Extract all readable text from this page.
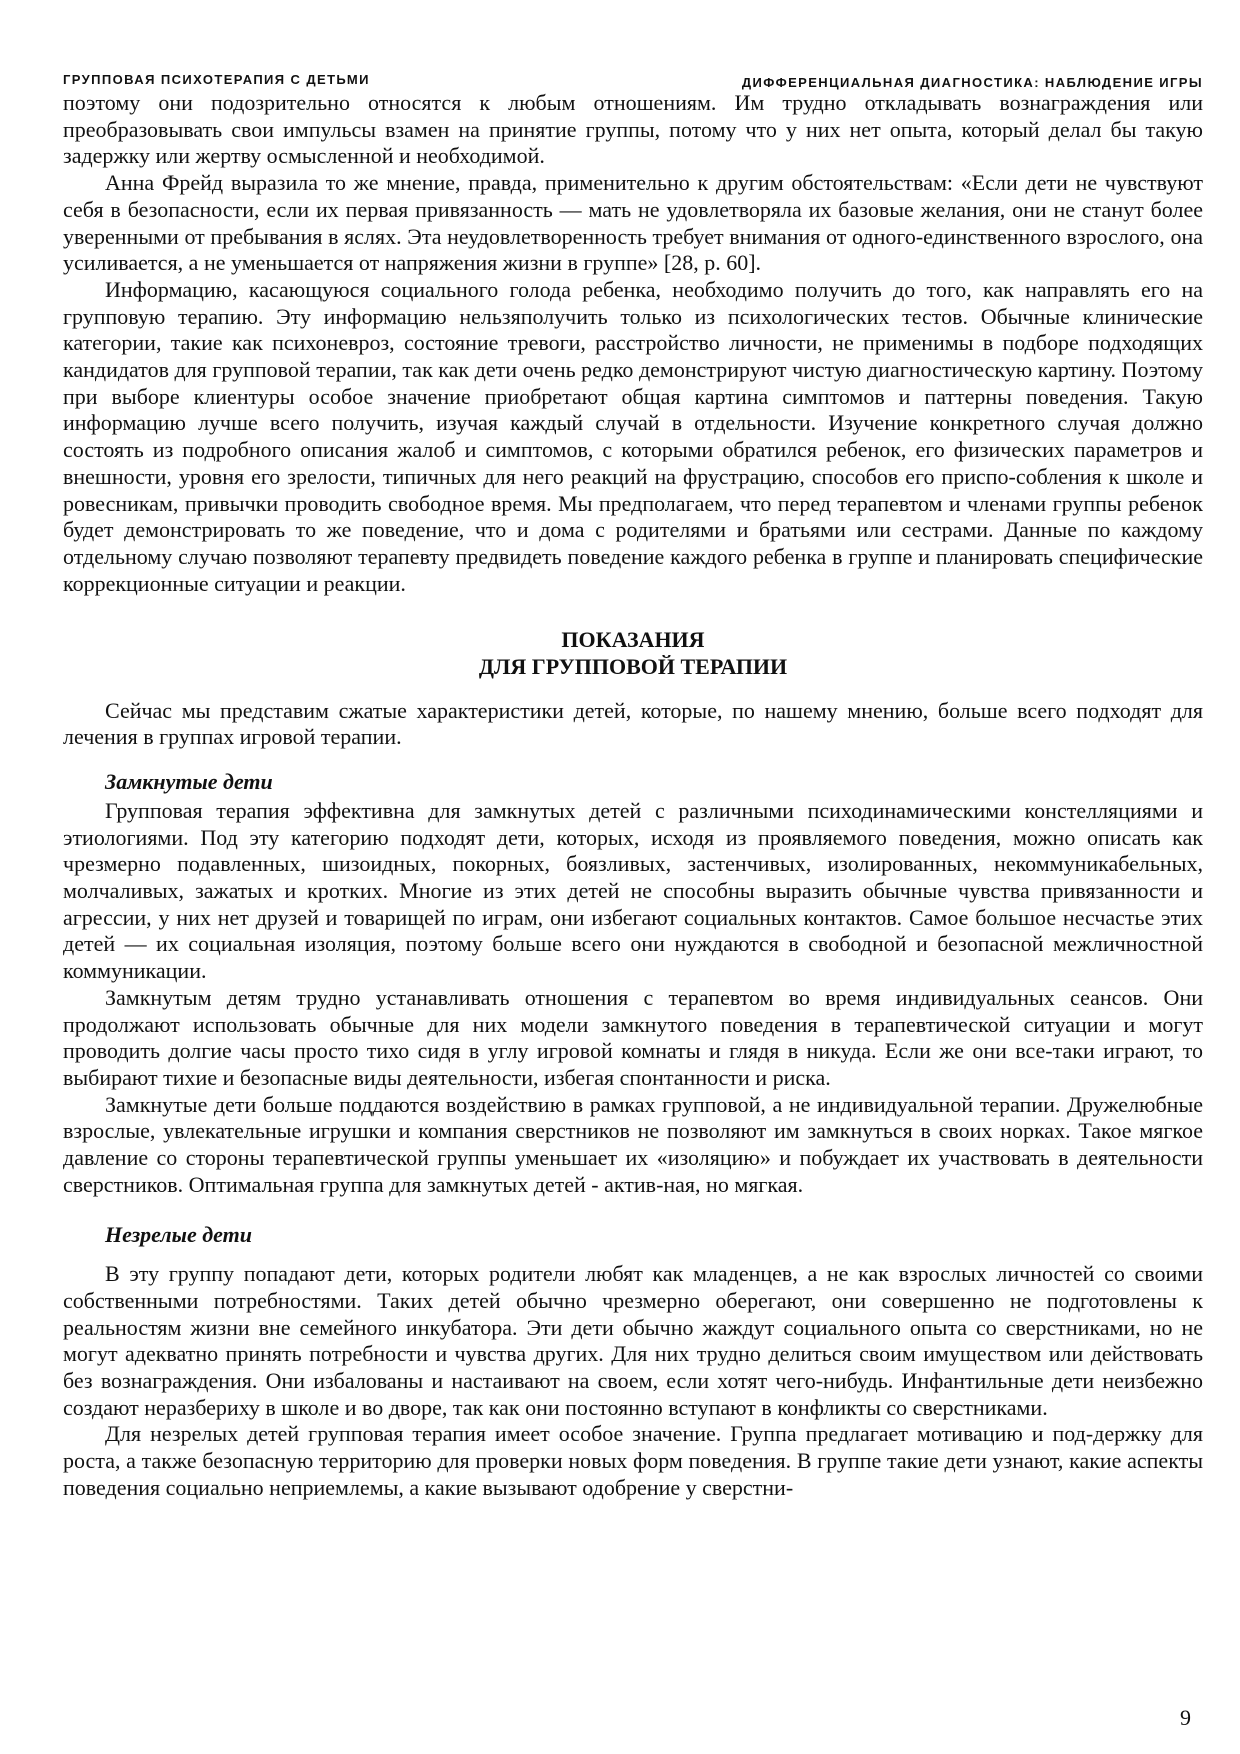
ГРУППОВАЯ ПСИХОТЕРАПИЯ С ДЕТЬМИ	ДИФФЕРЕНЦИАЛЬНАЯ ДИАГНОСТИКА: НАБЛЮДЕНИЕ ИГРЫ

поэтому они подозрительно относятся к любым отношениям. Им трудно откладывать вознаграждения или преобразовывать свои импульсы взамен на принятие группы, потому что у них нет опыта, который делал бы такую задержку или жертву осмысленной и необходимой.

Анна Фрейд выразила то же мнение, правда, применительно к другим обстоятельствам: «Если дети не чувствуют себя в безопасности, если их первая привязанность — мать не удовлетворяла их базовые желания, они не станут более уверенными от пребывания в яслях. Эта неудовлетворенность требует внимания от одного-единственного взрослого, она усиливается, а не уменьшается от напряжения жизни в группе» [28, р. 60].

Информацию, касающуюся социального голода ребенка, необходимо получить до того, как направлять его на групповую терапию. Эту информацию нельзяполучить только из психологических тестов. Обычные клинические категории, такие как психоневроз, состояние тревоги, расстройство личности, не применимы в подборе подходящих кандидатов для групповой терапии, так как дети очень редко демонстрируют чистую диагностическую картину. Поэтому при выборе клиентуры особое значение приобретают общая картина симптомов и паттерны поведения. Такую информацию лучше всего получить, изучая каждый случай в отдельности. Изучение конкретного случая должно состоять из подробного описания жалоб и симптомов, с которыми обратился ребенок, его физических параметров и внешности, уровня его зрелости, типичных для него реакций на фрустрацию, способов его приспо-собления к школе и ровесникам, привычки проводить свободное время. Мы предполагаем, что перед терапевтом и членами группы ребенок будет демонстрировать то же поведение, что и дома с родителями и братьями или сестрами. Данные по каждому отдельному случаю позволяют терапевту предвидеть поведение каждого ребенка в группе и планировать специфические коррекционные ситуации и реакции.

ПОКАЗАНИЯ
ДЛЯ ГРУППОВОЙ ТЕРАПИИ

Сейчас мы представим сжатые характеристики детей, которые, по нашему мнению, больше всего подходят для лечения в группах игровой терапии.

Замкнутые дети

Групповая терапия эффективна для замкнутых детей с различными психодинамическими констелляциями и этиологиями. Под эту категорию подходят дети, которых, исходя из проявляемого поведения, можно описать как чрезмерно подавленных, шизоидных, покорных, боязливых, застенчивых, изолированных, некоммуникабельных, молчаливых, зажатых и кротких. Многие из этих детей не способны выразить обычные чувства привязанности и агрессии, у них нет друзей и товарищей по играм, они избегают социальных контактов. Самое большое несчастье этих детей — их социальная изоляция, поэтому больше всего они нуждаются в свободной и безопасной межличностной коммуникации.

Замкнутым детям трудно устанавливать отношения с терапевтом во время индивидуальных сеансов. Они продолжают использовать обычные для них модели замкнутого поведения в терапевтической ситуации и могут проводить долгие часы просто тихо сидя в углу игровой комнаты и глядя в никуда. Если же они все-таки играют, то выбирают тихие и безопасные виды деятельности, избегая спонтанности и риска.

Замкнутые дети больше поддаются воздействию в рамках групповой, а не индивидуальной терапии. Дружелюбные взрослые, увлекательные игрушки и компания сверстников не позволяют им замкнуться в своих норках. Такое мягкое давление со стороны терапевтической группы уменьшает их «изоляцию» и побуждает их участвовать в деятельности сверстников. Оптимальная группа для замкнутых детей - актив-ная, но мягкая.

Незрелые дети

В эту группу попадают дети, которых родители любят как младенцев, а не как взрослых личностей со своими собственными потребностями. Таких детей обычно чрезмерно оберегают, они совершенно не подготовлены к реальностям жизни вне семейного инкубатора. Эти дети обычно жаждут социального опыта со сверстниками, но не могут адекватно принять потребности и чувства других. Для них трудно делиться своим имуществом или действовать без вознаграждения. Они избалованы и настаивают на своем, если хотят чего-нибудь. Инфантильные дети неизбежно создают неразбериху в школе и во дворе, так как они постоянно вступают в конфликты со сверстниками.

Для незрелых детей групповая терапия имеет особое значение. Группа предлагает мотивацию и под-держку для роста, а также безопасную территорию для проверки новых форм поведения. В группе такие дети узнают, какие аспекты поведения социально неприемлемы, а какие вызывают одобрение у сверстни-

9
